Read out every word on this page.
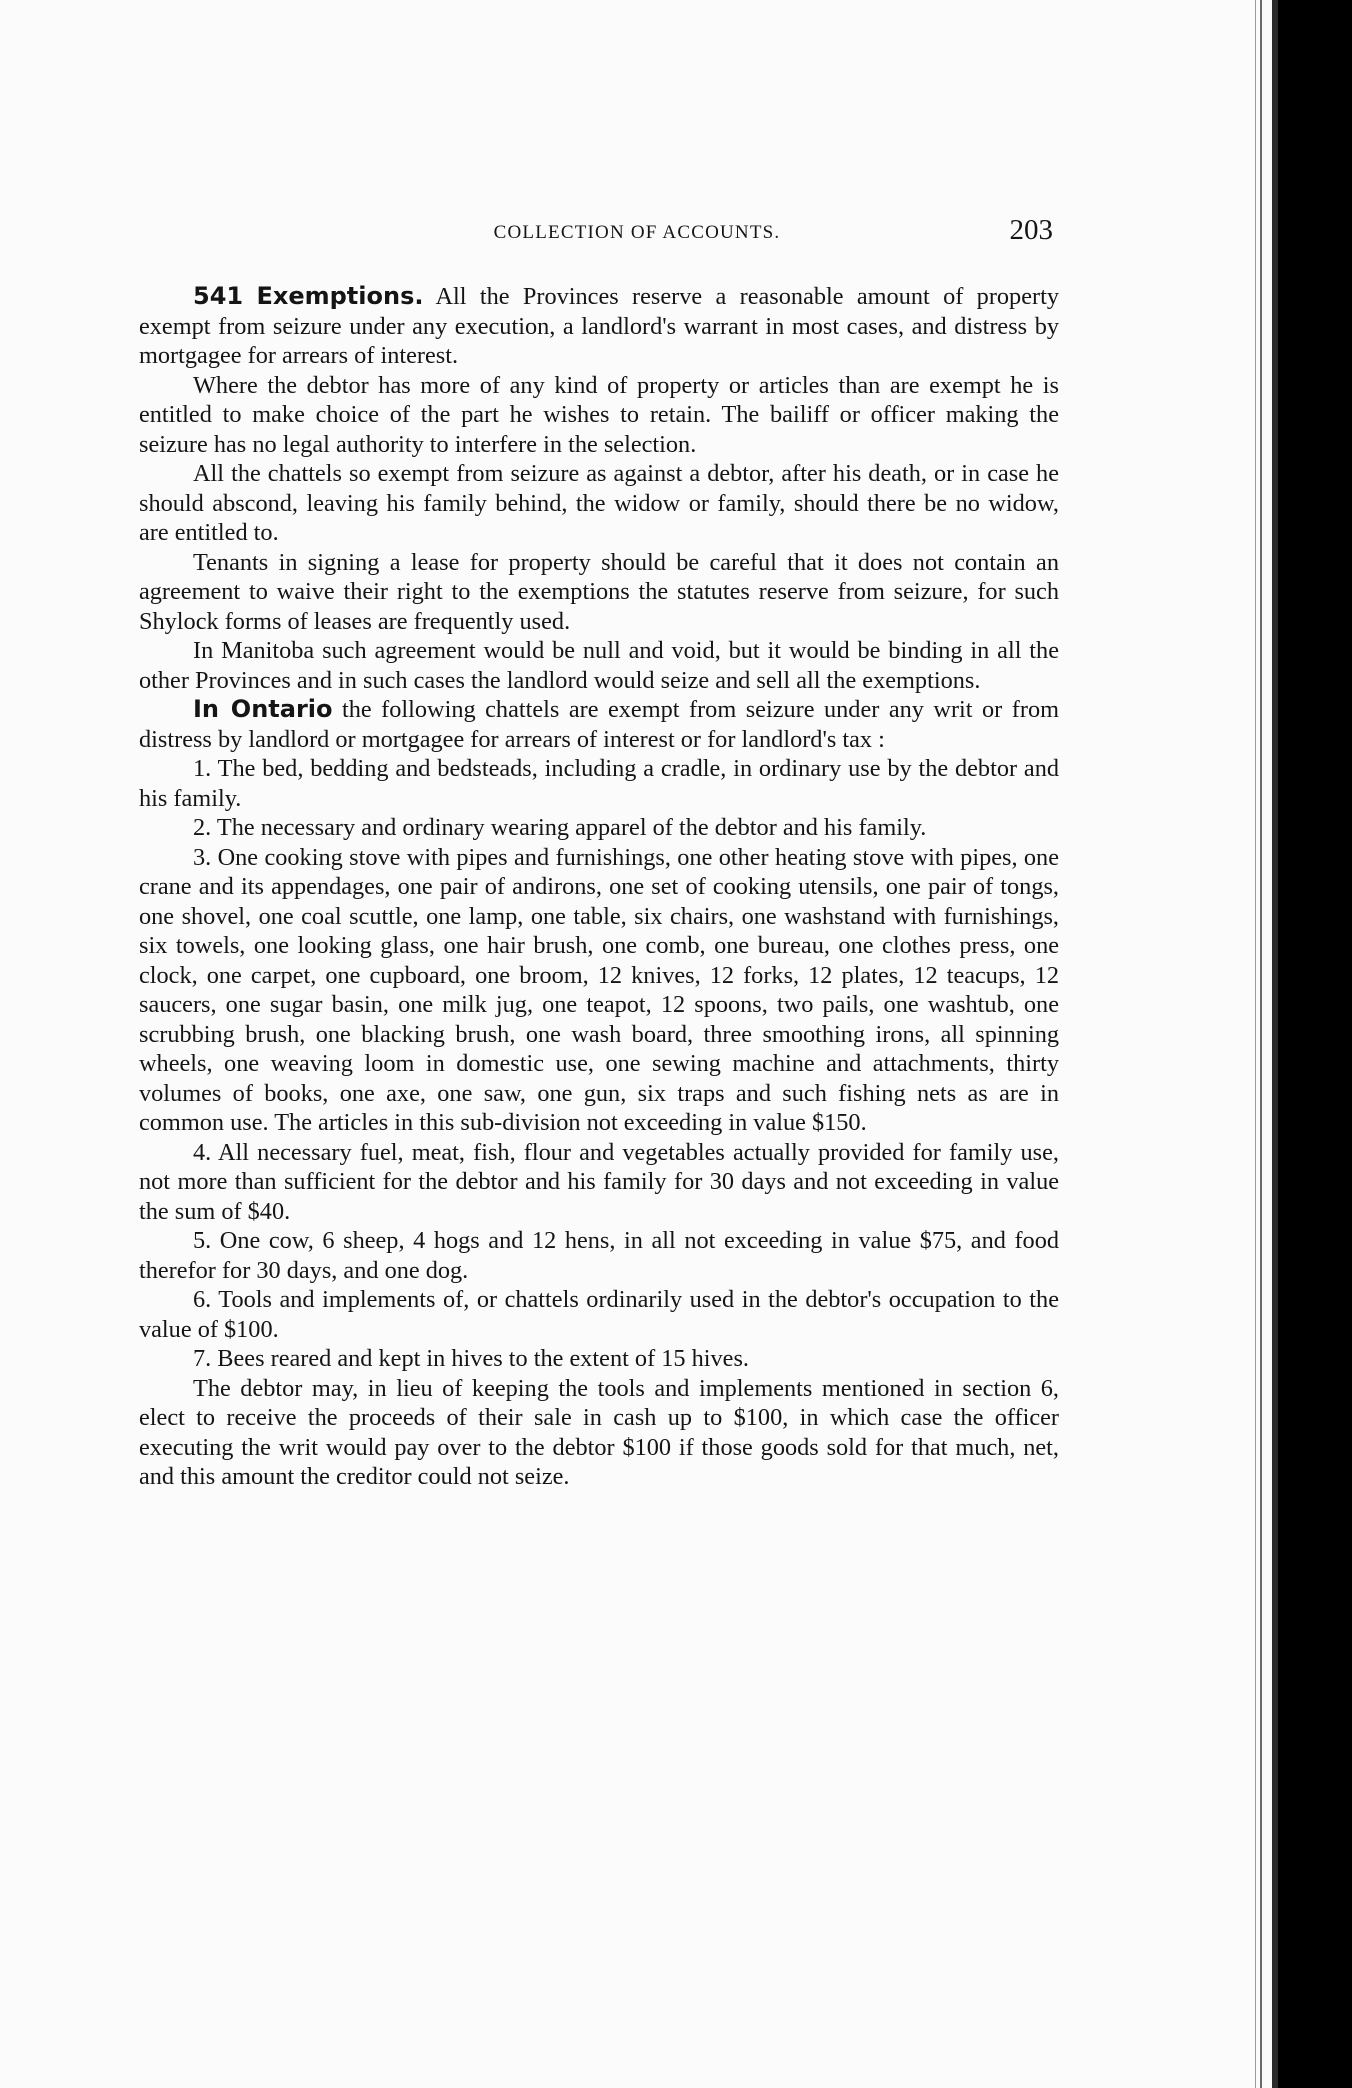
COLLECTION OF ACCOUNTS.	203

541 Exemptions. All the Provinces reserve a reasonable amount of property exempt from seizure under any execution, a landlord's warrant in most cases, and distress by mortgagee for arrears of interest.

Where the debtor has more of any kind of property or articles than are exempt he is entitled to make choice of the part he wishes to retain. The bailiff or officer making the seizure has no legal authority to interfere in the selection.

All the chattels so exempt from seizure as against a debtor, after his death, or in case he should abscond, leaving his family behind, the widow or family, should there be no widow, are entitled to.

Tenants in signing a lease for property should be careful that it does not contain an agreement to waive their right to the exemptions the statutes reserve from seizure, for such Shylock forms of leases are frequently used.

In Manitoba such agreement would be null and void, but it would be binding in all the other Provinces and in such cases the landlord would seize and sell all the exemptions.

In Ontario the following chattels are exempt from seizure under any writ or from distress by landlord or mortgagee for arrears of interest or for landlord's tax :

1. The bed, bedding and bedsteads, including a cradle, in ordinary use by the debtor and his family.

2. The necessary and ordinary wearing apparel of the debtor and his family.

3. One cooking stove with pipes and furnishings, one other heating stove with pipes, one crane and its appendages, one pair of andirons, one set of cooking utensils, one pair of tongs, one shovel, one coal scuttle, one lamp, one table, six chairs, one washstand with furnishings, six towels, one looking glass, one hair brush, one comb, one bureau, one clothes press, one clock, one carpet, one cupboard, one broom, 12 knives, 12 forks, 12 plates, 12 teacups, 12 saucers, one sugar basin, one milk jug, one teapot, 12 spoons, two pails, one washtub, one scrubbing brush, one blacking brush, one wash board, three smoothing irons, all spinning wheels, one weaving loom in domestic use, one sewing machine and attachments, thirty volumes of books, one axe, one saw, one gun, six traps and such fishing nets as are in common use. The articles in this sub-division not exceeding in value $150.

4. All necessary fuel, meat, fish, flour and vegetables actually provided for family use, not more than sufficient for the debtor and his family for 30 days and not exceeding in value the sum of $40.

5. One cow, 6 sheep, 4 hogs and 12 hens, in all not exceeding in value $75, and food therefor for 30 days, and one dog.

6. Tools and implements of, or chattels ordinarily used in the debtor's occupation to the value of $100.

7. Bees reared and kept in hives to the extent of 15 hives.

The debtor may, in lieu of keeping the tools and implements mentioned in section 6, elect to receive the proceeds of their sale in cash up to $100, in which case the officer executing the writ would pay over to the debtor $100 if those goods sold for that much, net, and this amount the creditor could not seize.
